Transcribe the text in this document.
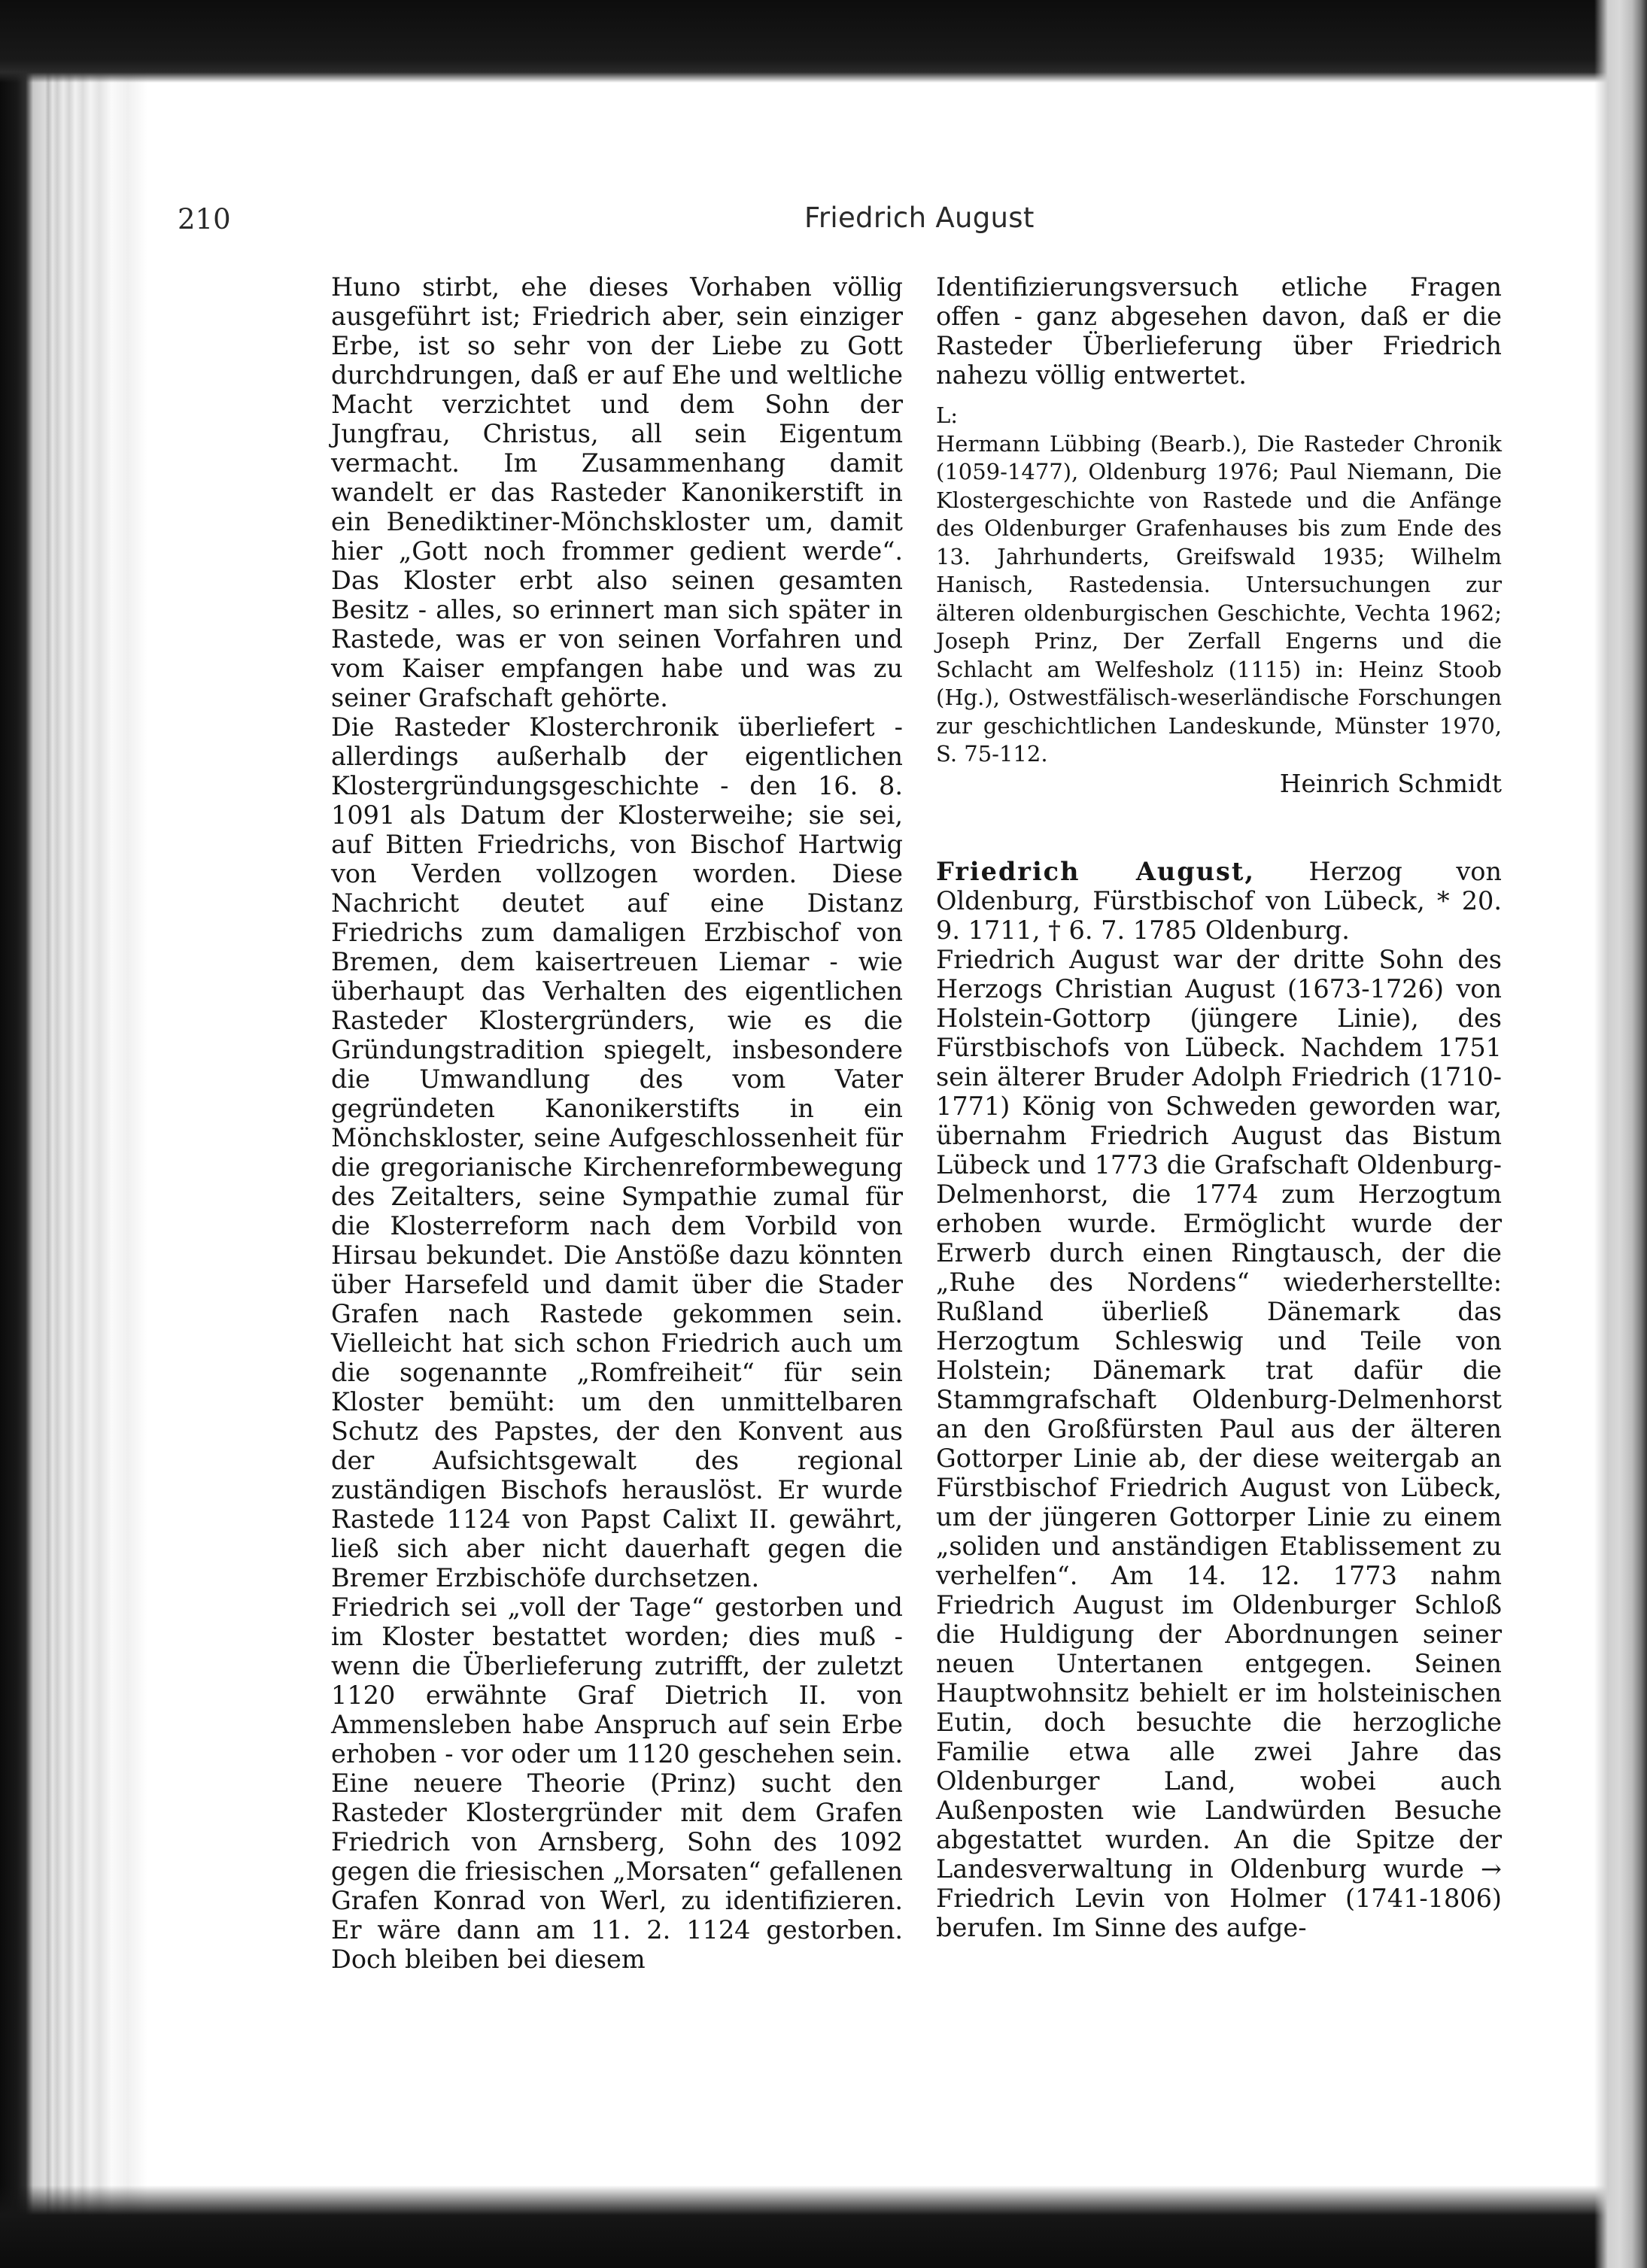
210	Friedrich August

Huno stirbt, ehe dieses Vorhaben völlig ausgeführt ist; Friedrich aber, sein einziger Erbe, ist so sehr von der Liebe zu Gott durchdrungen, daß er auf Ehe und weltliche Macht verzichtet und dem Sohn der Jungfrau, Christus, all sein Eigentum vermacht. Im Zusammenhang damit wandelt er das Rasteder Kanonikerstift in ein Benediktiner-Mönchskloster um, damit hier „Gott noch frommer gedient werde“. Das Kloster erbt also seinen gesamten Besitz - alles, so erinnert man sich später in Rastede, was er von seinen Vorfahren und vom Kaiser empfangen habe und was zu seiner Grafschaft gehörte.

Die Rasteder Klosterchronik überliefert - allerdings außerhalb der eigentlichen Klostergründungsgeschichte - den 16. 8. 1091 als Datum der Klosterweihe; sie sei, auf Bitten Friedrichs, von Bischof Hartwig von Verden vollzogen worden. Diese Nachricht deutet auf eine Distanz Friedrichs zum damaligen Erzbischof von Bremen, dem kaisertreuen Liemar - wie überhaupt das Verhalten des eigentlichen Rasteder Klostergründers, wie es die Gründungstradition spiegelt, insbesondere die Umwandlung des vom Vater gegründeten Kanonikerstifts in ein Mönchskloster, seine Aufgeschlossenheit für die gregorianische Kirchenreformbewegung des Zeitalters, seine Sympathie zumal für die Klosterreform nach dem Vorbild von Hirsau bekundet. Die Anstöße dazu könnten über Harsefeld und damit über die Stader Grafen nach Rastede gekommen sein. Vielleicht hat sich schon Friedrich auch um die sogenannte „Romfreiheit“ für sein Kloster bemüht: um den unmittelbaren Schutz des Papstes, der den Konvent aus der Aufsichtsgewalt des regional zuständigen Bischofs herauslöst. Er wurde Rastede 1124 von Papst Calixt II. gewährt, ließ sich aber nicht dauerhaft gegen die Bremer Erzbischöfe durchsetzen.

Friedrich sei „voll der Tage“ gestorben und im Kloster bestattet worden; dies muß - wenn die Überlieferung zutrifft, der zuletzt 1120 erwähnte Graf Dietrich II. von Ammensleben habe Anspruch auf sein Erbe erhoben - vor oder um 1120 geschehen sein. Eine neuere Theorie (Prinz) sucht den Rasteder Klostergründer mit dem Grafen Friedrich von Arnsberg, Sohn des 1092 gegen die friesischen „Morsaten“ gefallenen Grafen Konrad von Werl, zu identifizieren. Er wäre dann am 11. 2. 1124 gestorben. Doch bleiben bei diesem

Identifizierungsversuch etliche Fragen offen - ganz abgesehen davon, daß er die Rasteder Überlieferung über Friedrich nahezu völlig entwertet.

L:

Hermann Lübbing (Bearb.), Die Rasteder Chronik (1059-1477), Oldenburg 1976; Paul Niemann, Die Klostergeschichte von Rastede und die Anfänge des Oldenburger Grafenhauses bis zum Ende des 13. Jahrhunderts, Greifswald 1935; Wilhelm Hanisch, Rastedensia. Untersuchungen zur älteren oldenburgischen Geschichte, Vechta 1962; Joseph Prinz, Der Zerfall Engerns und die Schlacht am Welfesholz (1115) in: Heinz Stoob (Hg.), Ostwestfälisch-weserländische Forschungen zur geschichtlichen Landeskunde, Münster 1970, S. 75-112.

Heinrich Schmidt

Friedrich August, Herzog von Oldenburg, Fürstbischof von Lübeck, * 20. 9. 1711, † 6. 7. 1785 Oldenburg.

Friedrich August war der dritte Sohn des Herzogs Christian August (1673-1726) von Holstein-Gottorp (jüngere Linie), des Fürstbischofs von Lübeck. Nachdem 1751 sein älterer Bruder Adolph Friedrich (1710-1771) König von Schweden geworden war, übernahm Friedrich August das Bistum Lübeck und 1773 die Grafschaft Oldenburg-Delmenhorst, die 1774 zum Herzogtum erhoben wurde. Ermöglicht wurde der Erwerb durch einen Ringtausch, der die „Ruhe des Nordens“ wiederherstellte: Rußland überließ Dänemark das Herzogtum Schleswig und Teile von Holstein; Dänemark trat dafür die Stammgrafschaft Oldenburg-Delmenhorst an den Großfürsten Paul aus der älteren Gottorper Linie ab, der diese weitergab an Fürstbischof Friedrich August von Lübeck, um der jüngeren Gottorper Linie zu einem „soliden und anständigen Etablissement zu verhelfen“. Am 14. 12. 1773 nahm Friedrich August im Oldenburger Schloß die Huldigung der Abordnungen seiner neuen Untertanen entgegen. Seinen Hauptwohnsitz behielt er im holsteinischen Eutin, doch besuchte die herzogliche Familie etwa alle zwei Jahre das Oldenburger Land, wobei auch Außenposten wie Landwürden Besuche abgestattet wurden. An die Spitze der Landesverwaltung in Oldenburg wurde → Friedrich Levin von Holmer (1741-1806) berufen. Im Sinne des aufge-
